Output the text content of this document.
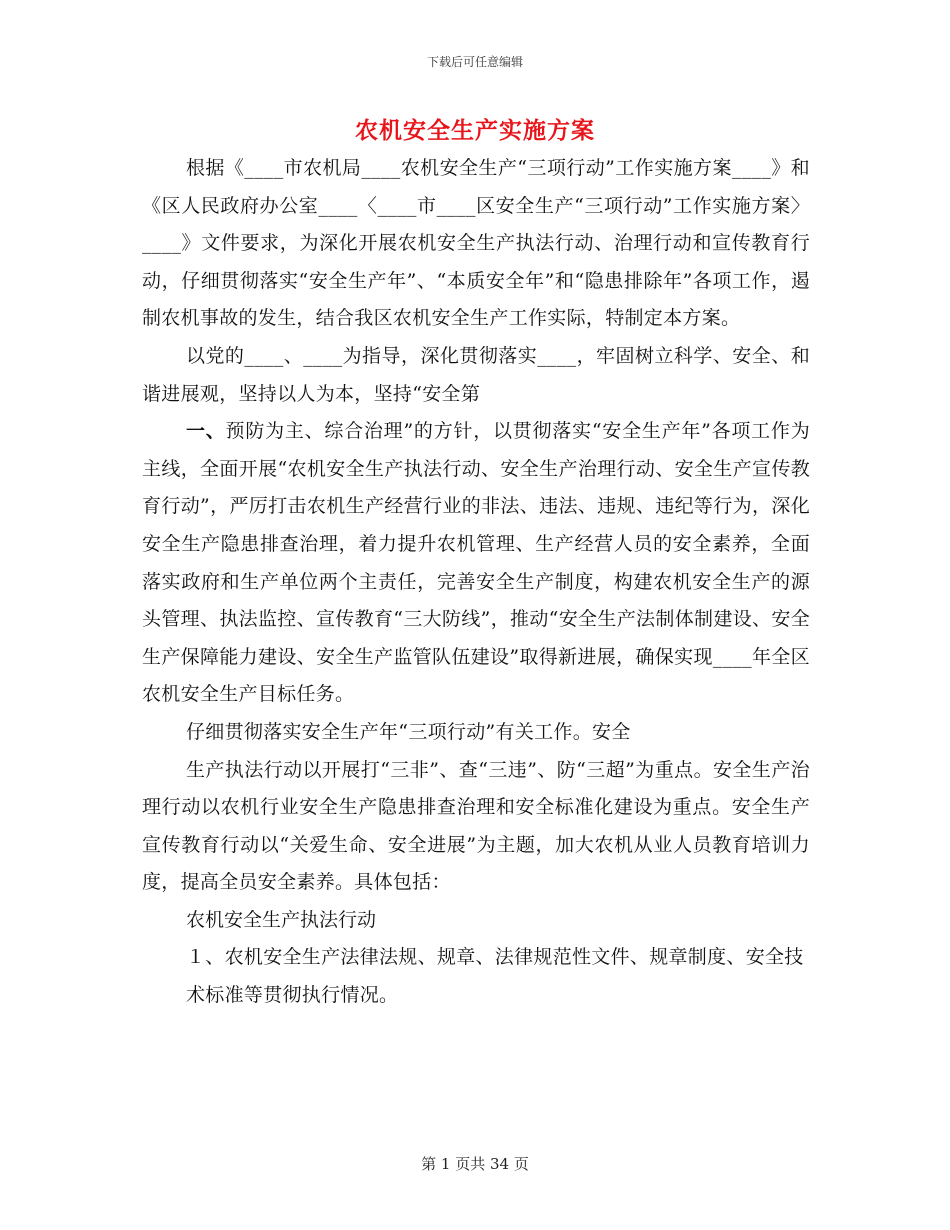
下载后可任意编辑
农机安全生产实施方案

根据《____市农机局____农机安全生产“三项行动”工作实施方案____》和《区人民政府办公室____〈____市____区安全生产“三项行动”工作实施方案〉____》文件要求，为深化开展农机安全生产执法行动、治理行动和宣传教育行动，仔细贯彻落实“安全生产年”、“本质安全年”和“隐患排除年”各项工作，遏制农机事故的发生，结合我区农机安全生产工作实际，特制定本方案。

以党的____、____为指导，深化贯彻落实____，牢固树立科学、安全、和谐进展观，坚持以人为本，坚持“安全第

一、预防为主、综合治理”的方针，以贯彻落实“安全生产年”各项工作为主线，全面开展“农机安全生产执法行动、安全生产治理行动、安全生产宣传教育行动”，严厉打击农机生产经营行业的非法、违法、违规、违纪等行为，深化安全生产隐患排查治理，着力提升农机管理、生产经营人员的安全素养，全面落实政府和生产单位两个主责任，完善安全生产制度，构建农机安全生产的源头管理、执法监控、宣传教育“三大防线”，推动“安全生产法制体制建设、安全生产保障能力建设、安全生产监管队伍建设”取得新进展，确保实现____年全区农机安全生产目标任务。

仔细贯彻落实安全生产年“三项行动”有关工作。安全

生产执法行动以开展打“三非”、查“三违”、防“三超”为重点。安全生产治理行动以农机行业安全生产隐患排查治理和安全标准化建设为重点。安全生产宣传教育行动以“关爱生命、安全进展”为主题，加大农机从业人员教育培训力度，提高全员安全素养。具体包括：

农机安全生产执法行动

１、农机安全生产法律法规、规章、法律规范性文件、规章制度、安全技术标准等贯彻执行情况。

第 1 页共 34 页
